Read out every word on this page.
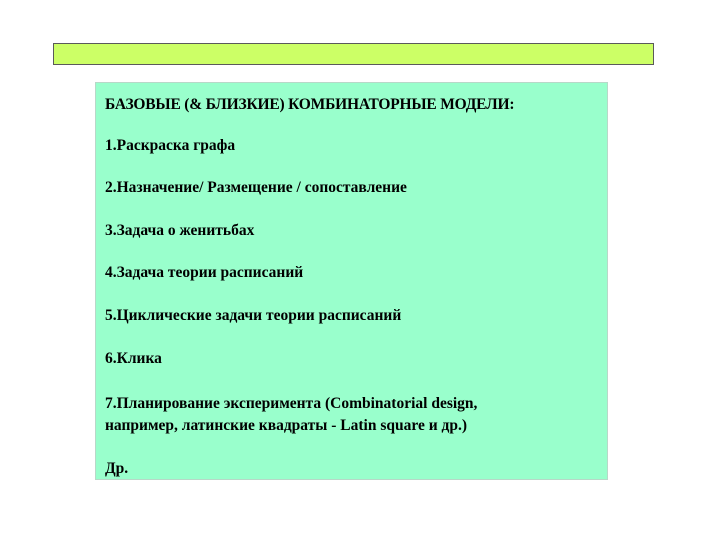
БАЗОВЫЕ (& БЛИЗКИЕ) КОМБИНАТОРНЫЕ МОДЕЛИ:

1.Раскраска графа

2.Назначение/ Размещение / сопоставление

3.Задача о женитьбах

4.Задача теории расписаний

5.Циклические задачи теории расписаний

6.Клика

7.Планирование эксперимента (Combinatorial design,

например, латинские квадраты - Latin square и др.)

Др.
